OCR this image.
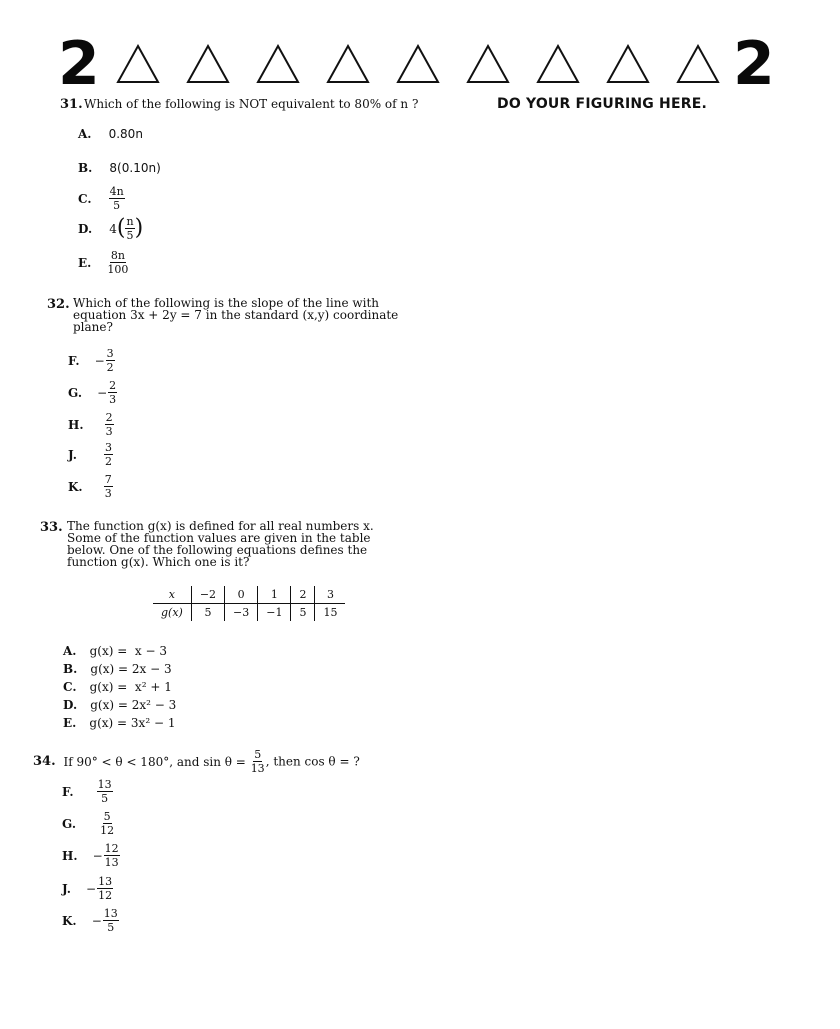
2	2
DO YOUR FIGURING HERE.
31. Which of the following is NOT equivalent to 80% of n ?
A. 0.80n
B. 8(0.10n)
C. $\frac{4n}{5}$
D. $4( \frac{n}{5}$ )
E. $\frac{8n}{100}$
32. Which of the following is the slope of the line with
equation 3x + 2y = 7 in the standard (x,y) coordinate
plane?
F. − $\frac{3}{2}$
G. − $\frac{2}{3}$
H. $\frac{2}{3}$
J. $\frac{3}{2}$
K. $\frac{7}{3}$
33. The function g(x) is defined for all real numbers x.
Some of the function values are given in the table
below. One of the following equations defines the
function g(x). Which one is it?
x	−2	0	1	2	3
g(x)	5	−3	−1	5	15
A. g(x) =  x − 3
B. g(x) = 2x − 3
C. g(x) =  x² + 1
D. g(x) = 2x² − 3
E. g(x) = 3x² − 1
34. If 90° < θ < 180°, and $\sin \theta = \frac{5}{13}$ , then cos θ = ?
F. $\frac{13}{5}$
G. $\frac{5}{12}$
H. − $\frac{12}{13}$
J. − $\frac{13}{12}$
K. − $\frac{13}{5}$
